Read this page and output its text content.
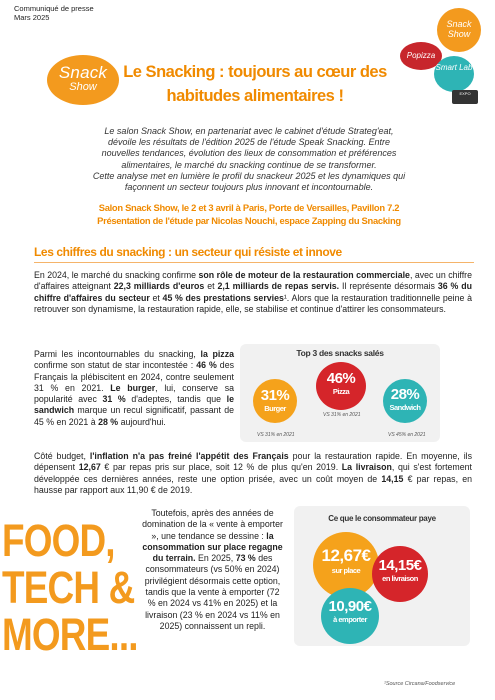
Communiqué de presse
Mars 2025
Snack
Show
Le Snacking : toujours au cœur des
habitudes alimentaires !
Snack Show
Popizza
Smart Lab
EXPO
Le salon Snack Show, en partenariat avec le cabinet d'étude Strateg'eat,
dévoile les résultats de l'édition 2025 de l'étude Speak Snacking. Entre
nouvelles tendances, évolution des lieux de consommation et préférences
alimentaires, le marché du snacking continue de se transformer.
Cette analyse met en lumière le profil du snackeur 2025 et les dynamiques qui
façonnent un secteur toujours plus innovant et incontournable.
Salon Snack Show, le 2 et 3 avril à Paris, Porte de Versailles, Pavillon 7.2
Présentation de l'étude par Nicolas Nouchi, espace Zapping du Snacking
Les chiffres du snacking : un secteur qui résiste et innove
En 2024, le marché du snacking confirme son rôle de moteur de la restauration commerciale, avec un chiffre d'affaires atteignant 22,3 milliards d'euros et 2,1 milliards de repas servis. Il représente désormais 36 % du chiffre d'affaires du secteur et 45 % des prestations servies¹. Alors que la restauration traditionnelle peine à retrouver son dynamisme, la restauration rapide, elle, se stabilise et continue d'attirer les consommateurs.
Parmi les incontournables du snacking, la pizza confirme son statut de star incontestée : 46 % des Français la plébiscitent en 2024, contre seulement 31 % en 2021. Le burger, lui, conserve sa popularité avec 31 % d'adeptes, tandis que le sandwich marque un recul significatif, passant de 45 % en 2021 à 28 % aujourd'hui.
Top 3 des snacks salés
31%
Burger
46%
Pizza	28%
Sandwich
VS 31% en 2021
VS 31% en 2021
VS 45% en 2021
Côté budget, l'inflation n'a pas freiné l'appétit des Français pour la restauration rapide. En moyenne, ils dépensent 12,67 € par repas pris sur place, soit 12 % de plus qu'en 2019. La livraison, qui s'est fortement développée ces dernières années, reste une option prisée, avec un coût moyen de 14,15 € par repas, en hausse par rapport aux 11,90 € de 2019.
FOOD,
TECH &
MORE...
Toutefois, après des années de domination de la « vente à emporter », une tendance se dessine : la consommation sur place regagne du terrain. En 2025, 73 % des consommateurs (vs 50% en 2024) privilégient désormais cette option, tandis que la vente à emporter (72 % en 2024 vs 41% en 2025) et la livraison (23 % en 2024 vs 11% en 2025) connaissent un repli.
Ce que le consommateur paye
12,67€
sur place	14,15€
en livraison
10,90€
à emporter
¹Source Circana/Foodservice
